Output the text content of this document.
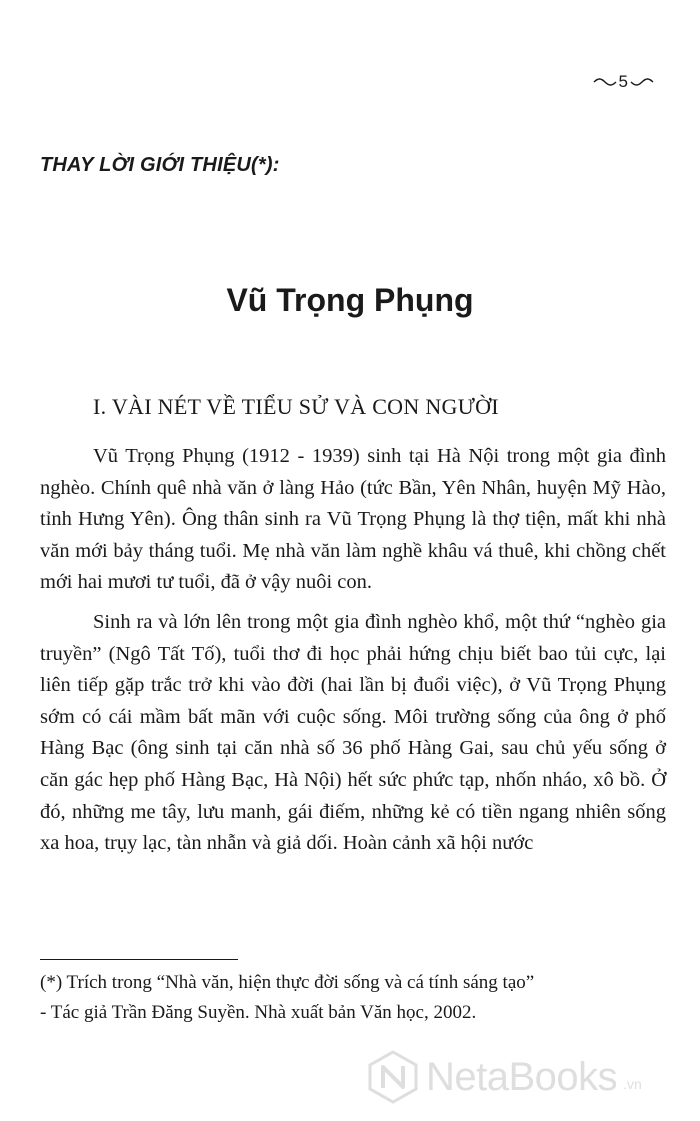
5
THAY LỜI GIỚI THIỆU(*):
Vũ Trọng Phụng
I. VÀI NÉT VỀ TIỂU SỬ VÀ CON NGƯỜI

Vũ Trọng Phụng (1912 - 1939) sinh tại Hà Nội trong một gia đình nghèo. Chính quê nhà văn ở làng Hảo (tức Bần, Yên Nhân, huyện Mỹ Hào, tỉnh Hưng Yên). Ông thân sinh ra Vũ Trọng Phụng là thợ tiện, mất khi nhà văn mới bảy tháng tuổi. Mẹ nhà văn làm nghề khâu vá thuê, khi chồng chết mới hai mươi tư tuổi, đã ở vậy nuôi con.

Sinh ra và lớn lên trong một gia đình nghèo khổ, một thứ “nghèo gia truyền” (Ngô Tất Tố), tuổi thơ đi học phải hứng chịu biết bao tủi cực, lại liên tiếp gặp trắc trở khi vào đời (hai lần bị đuổi việc), ở Vũ Trọng Phụng sớm có cái mầm bất mãn với cuộc sống. Môi trường sống của ông ở phố Hàng Bạc (ông sinh tại căn nhà số 36 phố Hàng Gai, sau chủ yếu sống ở căn gác hẹp phố Hàng Bạc, Hà Nội) hết sức phức tạp, nhốn nháo, xô bồ. Ở đó, những me tây, lưu manh, gái điếm, những kẻ có tiền ngang nhiên sống xa hoa, trụy lạc, tàn nhẫn và giả dối. Hoàn cảnh xã hội nước

(*) Trích trong “Nhà văn, hiện thực đời sống và cá tính sáng tạo”
- Tác giả Trần Đăng Suyền. Nhà xuất bản Văn học, 2002.
NetaBooks .vn
